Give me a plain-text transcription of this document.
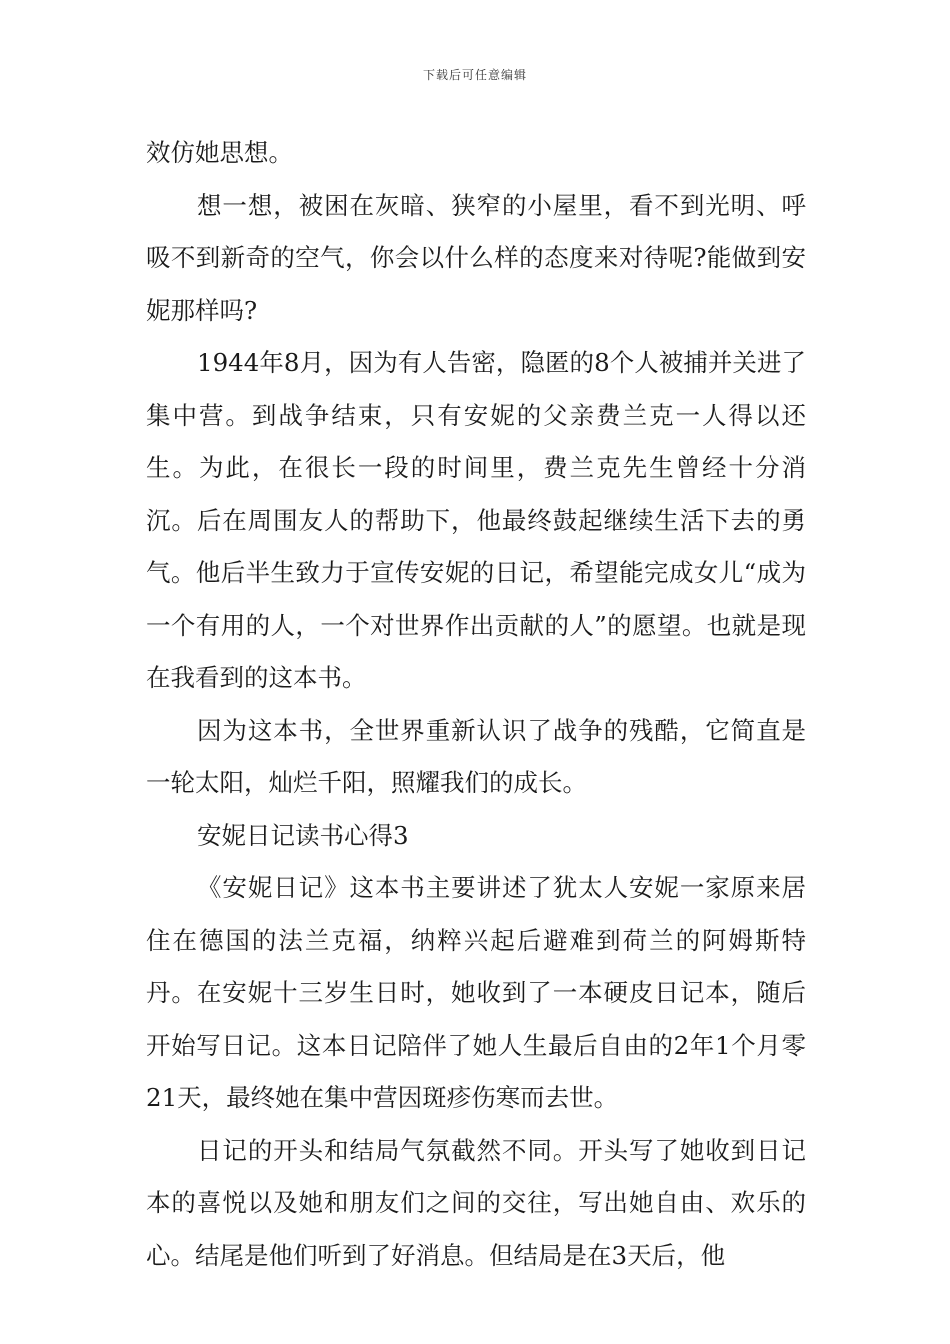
下载后可任意编辑

效仿她思想。

想一想，被困在灰暗、狭窄的小屋里，看不到光明、呼吸不到新奇的空气，你会以什么样的态度来对待呢?能做到安妮那样吗?

1944年8月，因为有人告密，隐匿的8个人被捕并关进了集中营。到战争结束，只有安妮的父亲费兰克一人得以还生。为此，在很长一段的时间里，费兰克先生曾经十分消沉。后在周围友人的帮助下，他最终鼓起继续生活下去的勇气。他后半生致力于宣传安妮的日记，希望能完成女儿“成为一个有用的人，一个对世界作出贡献的人”的愿望。也就是现在我看到的这本书。

因为这本书，全世界重新认识了战争的残酷，它简直是一轮太阳，灿烂千阳，照耀我们的成长。

安妮日记读书心得3

《安妮日记》这本书主要讲述了犹太人安妮一家原来居住在德国的法兰克福，纳粹兴起后避难到荷兰的阿姆斯特丹。在安妮十三岁生日时，她收到了一本硬皮日记本，随后开始写日记。这本日记陪伴了她人生最后自由的2年1个月零21天，最终她在集中营因斑疹伤寒而去世。

日记的开头和结局气氛截然不同。开头写了她收到日记本的喜悦以及她和朋友们之间的交往，写出她自由、欢乐的心。结尾是他们听到了好消息。但结局是在3天后，他
